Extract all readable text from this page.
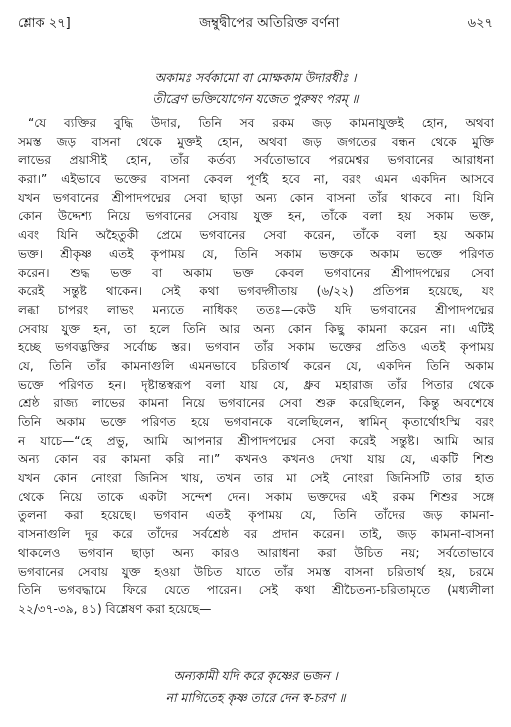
শ্লোক ২৭]	জম্বুদ্বীপের অতিরিক্ত বর্ণনা	৬২৭
অকামঃ সর্বকামো বা মোক্ষকাম উদারধীঃ ।
তীব্রেণ ভক্তিযোগেন যজেত পুরুষং পরম্‌ ॥
“যে ব্যক্তির বুদ্ধি উদার, তিনি সব রকম জড় কামনাযুক্তই হোন, অথবা
সমস্ত জড় বাসনা থেকে মুক্তই হোন, অথবা জড় জগতের বন্ধন থেকে মুক্তি
লাভের প্রয়াসীই হোন, তাঁর কর্তব্য সর্বতোভাবে পরমেশ্বর ভগবানের আরাধনা
করা।” এইভাবে ভক্তের বাসনা কেবল পূর্ণই হবে না, বরং এমন একদিন আসবে
যখন ভগবানের শ্রীপাদপদ্মের সেবা ছাড়া অন্য কোন বাসনা তাঁর থাকবে না। যিনি
কোন উদ্দেশ্য নিয়ে ভগবানের সেবায় যুক্ত হন, তাঁকে বলা হয় সকাম ভক্ত,
এবং যিনি অহৈতুকী প্রেমে ভগবানের সেবা করেন, তাঁকে বলা হয় অকাম
ভক্ত। শ্রীকৃষ্ণ এতই কৃপাময় যে, তিনি সকাম ভক্তকে অকাম ভক্তে পরিণত
করেন। শুদ্ধ ভক্ত বা অকাম ভক্ত কেবল ভগবানের শ্রীপাদপদ্মের সেবা
করেই সন্তুষ্ট থাকেন। সেই কথা ভগবদ্গীতায় (৬/২২) প্রতিপন্ন হয়েছে, যং
লব্ধা চাপরং লাভং মন্যতে নাধিকং ততঃ—কেউ যদি ভগবানের শ্রীপাদপদ্মের
সেবায় যুক্ত হন, তা হলে তিনি আর অন্য কোন কিছু কামনা করেন না। এটিই
হচ্ছে ভগবদ্ভক্তির সর্বোচ্চ স্তর। ভগবান তাঁর সকাম ভক্তের প্রতিও এতই কৃপাময়
যে, তিনি তাঁর কামনাগুলি এমনভাবে চরিতার্থ করেন যে, একদিন তিনি অকাম
ভক্তে পরিণত হন। দৃষ্টান্তস্বরূপ বলা যায় যে, ধ্রুব মহারাজ তাঁর পিতার থেকে
শ্রেষ্ঠ রাজ্য লাভের কামনা নিয়ে ভগবানের সেবা শুরু করেছিলেন, কিন্তু অবশেষে
তিনি অকাম ভক্তে পরিণত হয়ে ভগবানকে বলেছিলেন, স্বামিন্ কৃতার্থোঽস্মি বরং
ন যাচে—“হে প্রভু, আমি আপনার শ্রীপাদপদ্মের সেবা করেই সন্তুষ্ট। আমি আর
অন্য কোন বর কামনা করি না।” কখনও কখনও দেখা যায় যে, একটি শিশু
যখন কোন নোংরা জিনিস খায়, তখন তার মা সেই নোংরা জিনিসটি তার হাত
থেকে নিয়ে তাকে একটা সন্দেশ দেন। সকাম ভক্তদের এই রকম শিশুর সঙ্গে
তুলনা করা হয়েছে। ভগবান এতই কৃপাময় যে, তিনি তাঁদের জড় কামনা-
বাসনাগুলি দূর করে তাঁদের সর্বশ্রেষ্ঠ বর প্রদান করেন। তাই, জড় কামনা-বাসনা
থাকলেও ভগবান ছাড়া অন্য কারও আরাধনা করা উচিত নয়; সর্বতোভাবে
ভগবানের সেবায় যুক্ত হওয়া উচিত যাতে তাঁর সমস্ত বাসনা চরিতার্থ হয়, চরমে
তিনি ভগবদ্ধামে ফিরে যেতে পারেন। সেই কথা শ্রীচৈতন্য-চরিতামৃতে (মধ্যলীলা
২২/৩৭-৩৯, ৪১) বিশ্লেষণ করা হয়েছে—
অন্যকামী যদি করে কৃষ্ণের ভজন ।
না মাগিতেহ কৃষ্ণ তারে দেন স্ব-চরণ ॥
